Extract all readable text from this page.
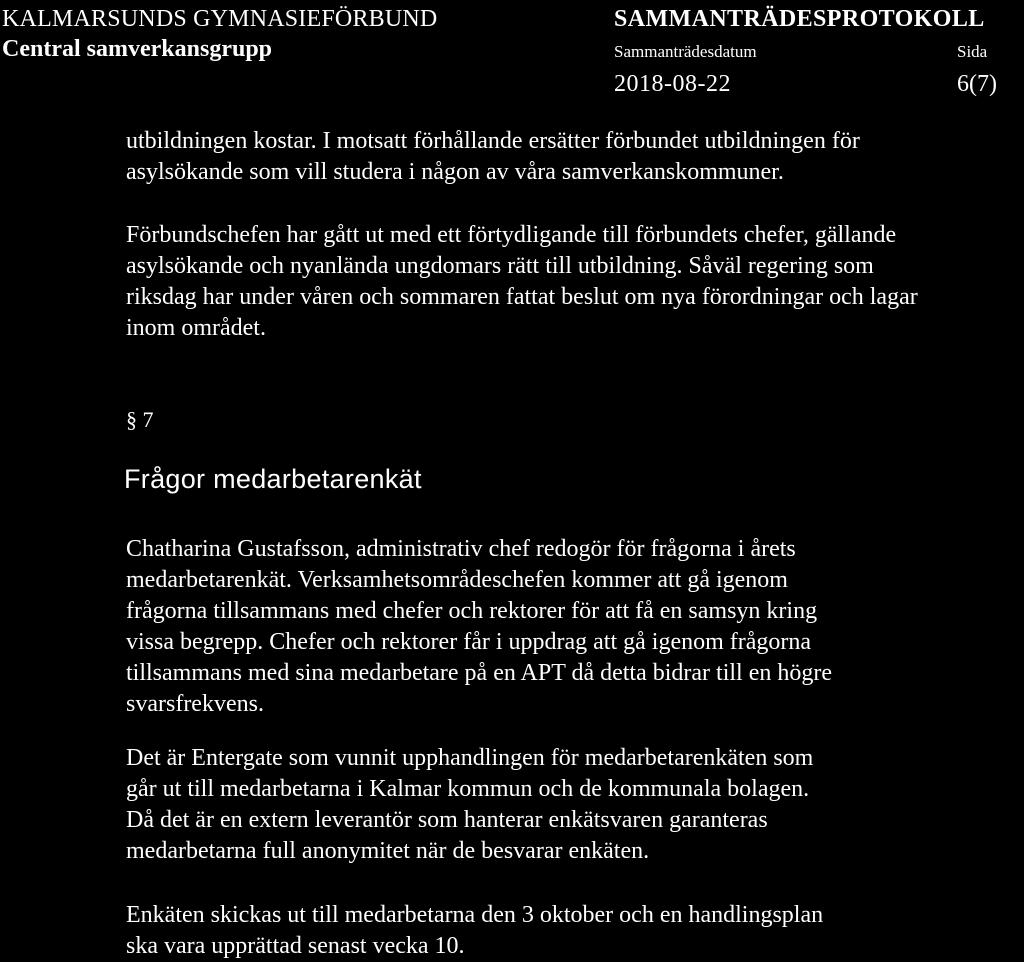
KALMARSUNDS GYMNASIEFÖRBUND
Central samverkansgrupp
SAMMANTRÄDESPROTOKOLL
Sammanträdesdatum	Sida
2018-08-22	6(7)

utbildningen kostar. I motsatt förhållande ersätter förbundet utbildningen för
asylsökande som vill studera i någon av våra samverkanskommuner.

Förbundschefen har gått ut med ett förtydligande till förbundets chefer, gällande
asylsökande och nyanlända ungdomars rätt till utbildning. Såväl regering som
riksdag har under våren och sommaren fattat beslut om nya förordningar och lagar
inom området.

§ 7
Frågor medarbetarenkät

Chatharina Gustafsson, administrativ chef redogör för frågorna i årets
medarbetarenkät. Verksamhetsområdeschefen kommer att gå igenom
frågorna tillsammans med chefer och rektorer för att få en samsyn kring
vissa begrepp. Chefer och rektorer får i uppdrag att gå igenom frågorna
tillsammans med sina medarbetare på en APT då detta bidrar till en högre
svarsfrekvens.

Det är Entergate som vunnit upphandlingen för medarbetarenkäten som
går ut till medarbetarna i Kalmar kommun och de kommunala bolagen.
Då det är en extern leverantör som hanterar enkätsvaren garanteras
medarbetarna full anonymitet när de besvarar enkäten.

Enkäten skickas ut till medarbetarna den 3 oktober och en handlingsplan
ska vara upprättad senast vecka 10.
